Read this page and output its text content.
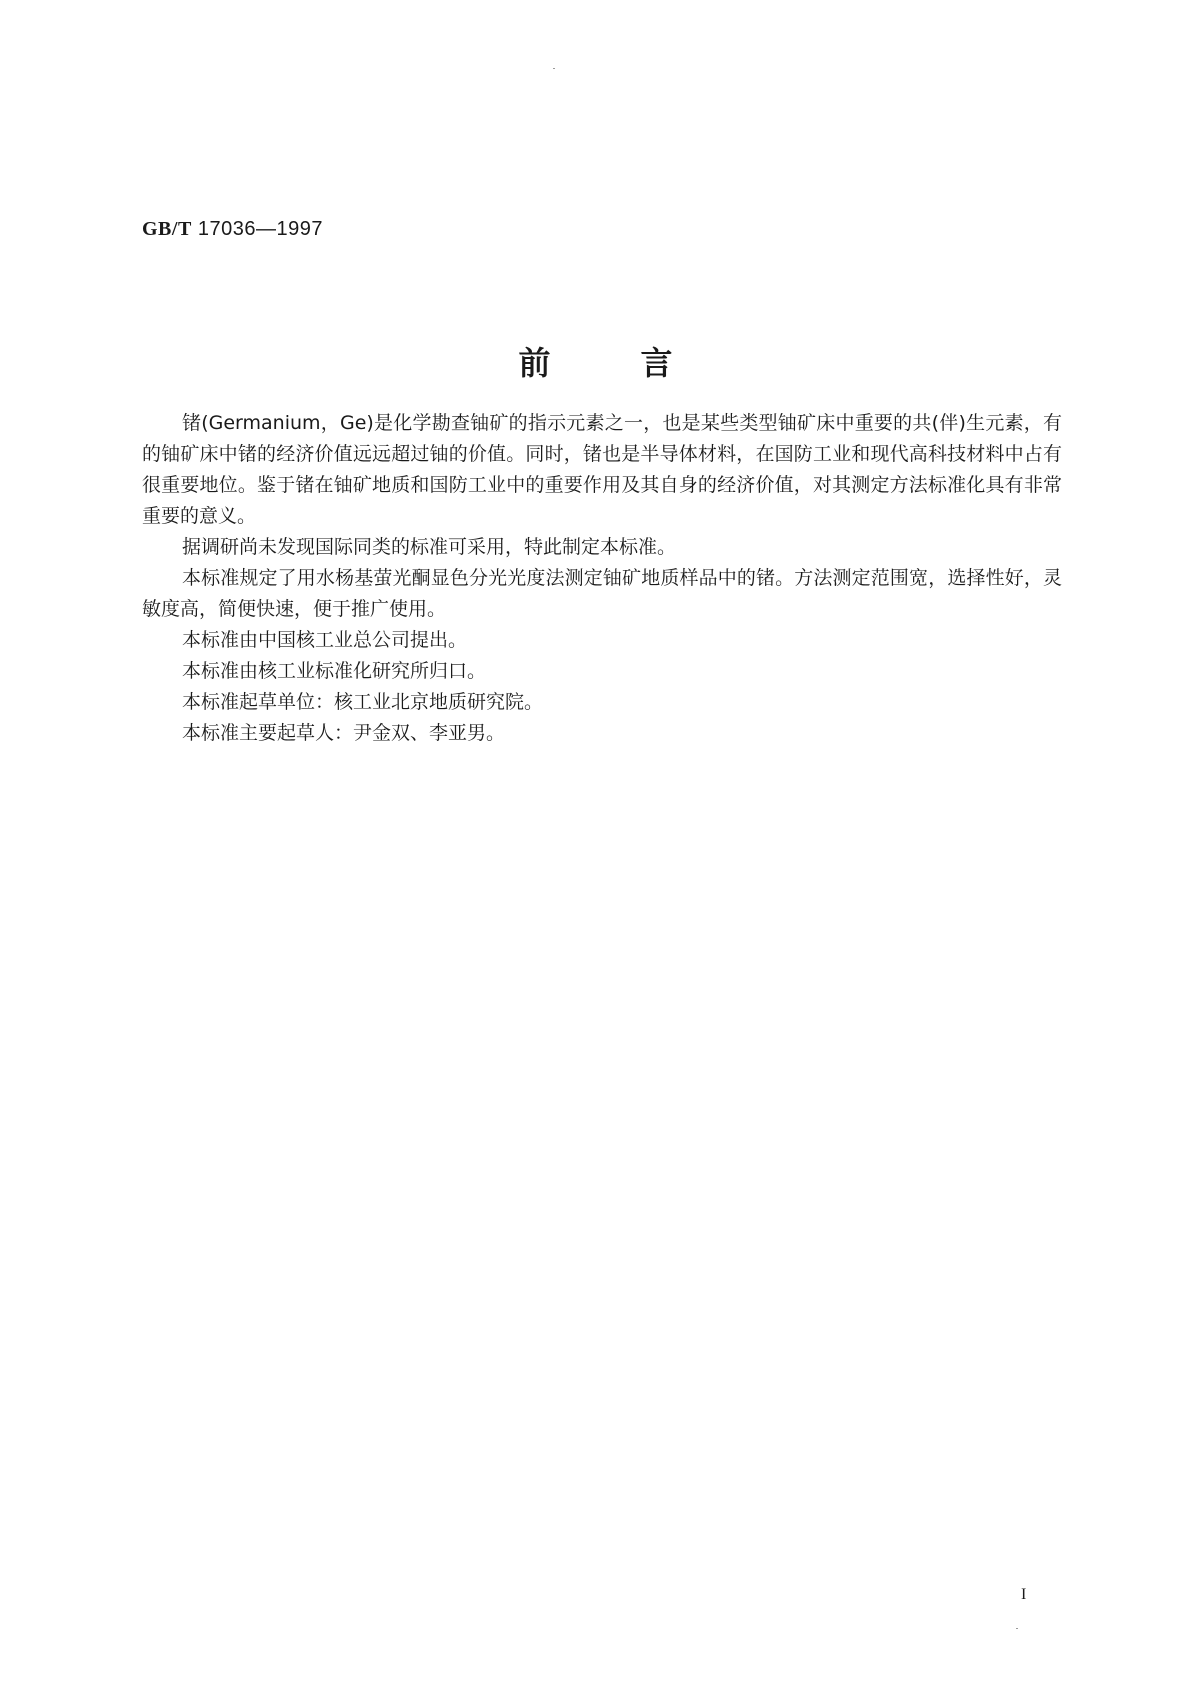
GB/T 17036—1997
前言

锗(Germanium，Ge)是化学勘查铀矿的指示元素之一，也是某些类型铀矿床中重要的共(伴)生元素，有的铀矿床中锗的经济价值远远超过铀的价值。同时，锗也是半导体材料，在国防工业和现代高科技材料中占有很重要地位。鉴于锗在铀矿地质和国防工业中的重要作用及其自身的经济价值，对其测定方法标准化具有非常重要的意义。

据调研尚未发现国际同类的标准可采用，特此制定本标准。

本标准规定了用水杨基萤光酮显色分光光度法测定铀矿地质样品中的锗。方法测定范围宽，选择性好，灵敏度高，简便快速，便于推广使用。

本标准由中国核工业总公司提出。

本标准由核工业标准化研究所归口。

本标准起草单位：核工业北京地质研究院。

本标准主要起草人：尹金双、李亚男。

I
